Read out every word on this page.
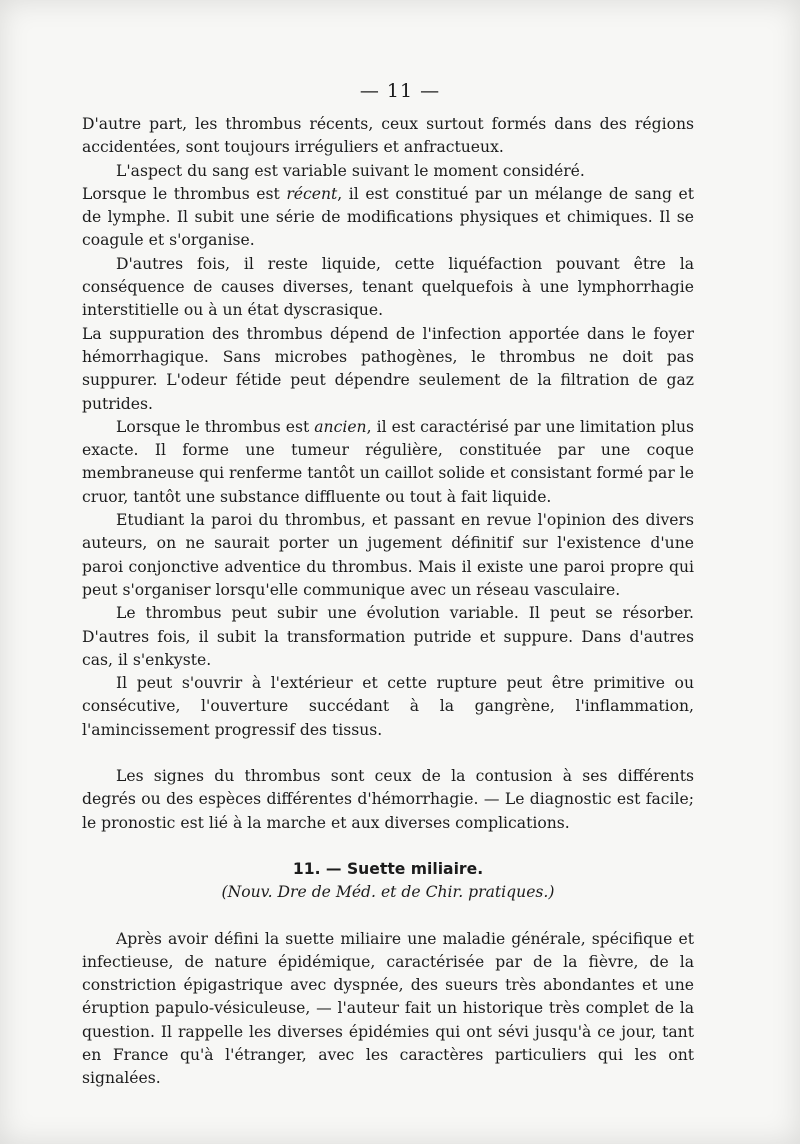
— 11 —

D'autre part, les thrombus récents, ceux surtout formés dans des régions accidentées, sont toujours irréguliers et anfractueux.

L'aspect du sang est variable suivant le moment considéré.

Lorsque le thrombus est récent, il est constitué par un mélange de sang et de lymphe. Il subit une série de modifications physiques et chimiques. Il se coagule et s'organise.

D'autres fois, il reste liquide, cette liquéfaction pouvant être la conséquence de causes diverses, tenant quelquefois à une lymphorrhagie interstitielle ou à un état dyscrasique.

La suppuration des thrombus dépend de l'infection apportée dans le foyer hémorrhagique. Sans microbes pathogènes, le thrombus ne doit pas suppurer. L'odeur fétide peut dépendre seulement de la filtration de gaz putrides.

Lorsque le thrombus est ancien, il est caractérisé par une limitation plus exacte. Il forme une tumeur régulière, constituée par une coque membraneuse qui renferme tantôt un caillot solide et consistant formé par le cruor, tantôt une substance diffluente ou tout à fait liquide.

Etudiant la paroi du thrombus, et passant en revue l'opinion des divers auteurs, on ne saurait porter un jugement définitif sur l'existence d'une paroi conjonctive adventice du thrombus. Mais il existe une paroi propre qui peut s'organiser lorsqu'elle communique avec un réseau vasculaire.

Le thrombus peut subir une évolution variable. Il peut se résorber. D'autres fois, il subit la transformation putride et suppure. Dans d'autres cas, il s'enkyste.

Il peut s'ouvrir à l'extérieur et cette rupture peut être primitive ou consécutive, l'ouverture succédant à la gangrène, l'inflammation, l'amincissement progressif des tissus.

Les signes du thrombus sont ceux de la contusion à ses différents degrés ou des espèces différentes d'hémorrhagie. — Le diagnostic est facile; le pronostic est lié à la marche et aux diverses complications.

11. — Suette miliaire.

(Nouv. Dre de Méd. et de Chir. pratiques.)

Après avoir défini la suette miliaire une maladie générale, spécifique et infectieuse, de nature épidémique, caractérisée par de la fièvre, de la constriction épigastrique avec dyspnée, des sueurs très abondantes et une éruption papulo-vésiculeuse, — l'auteur fait un historique très complet de la question. Il rappelle les diverses épidémies qui ont sévi jusqu'à ce jour, tant en France qu'à l'étranger, avec les caractères particuliers qui les ont signalées.
